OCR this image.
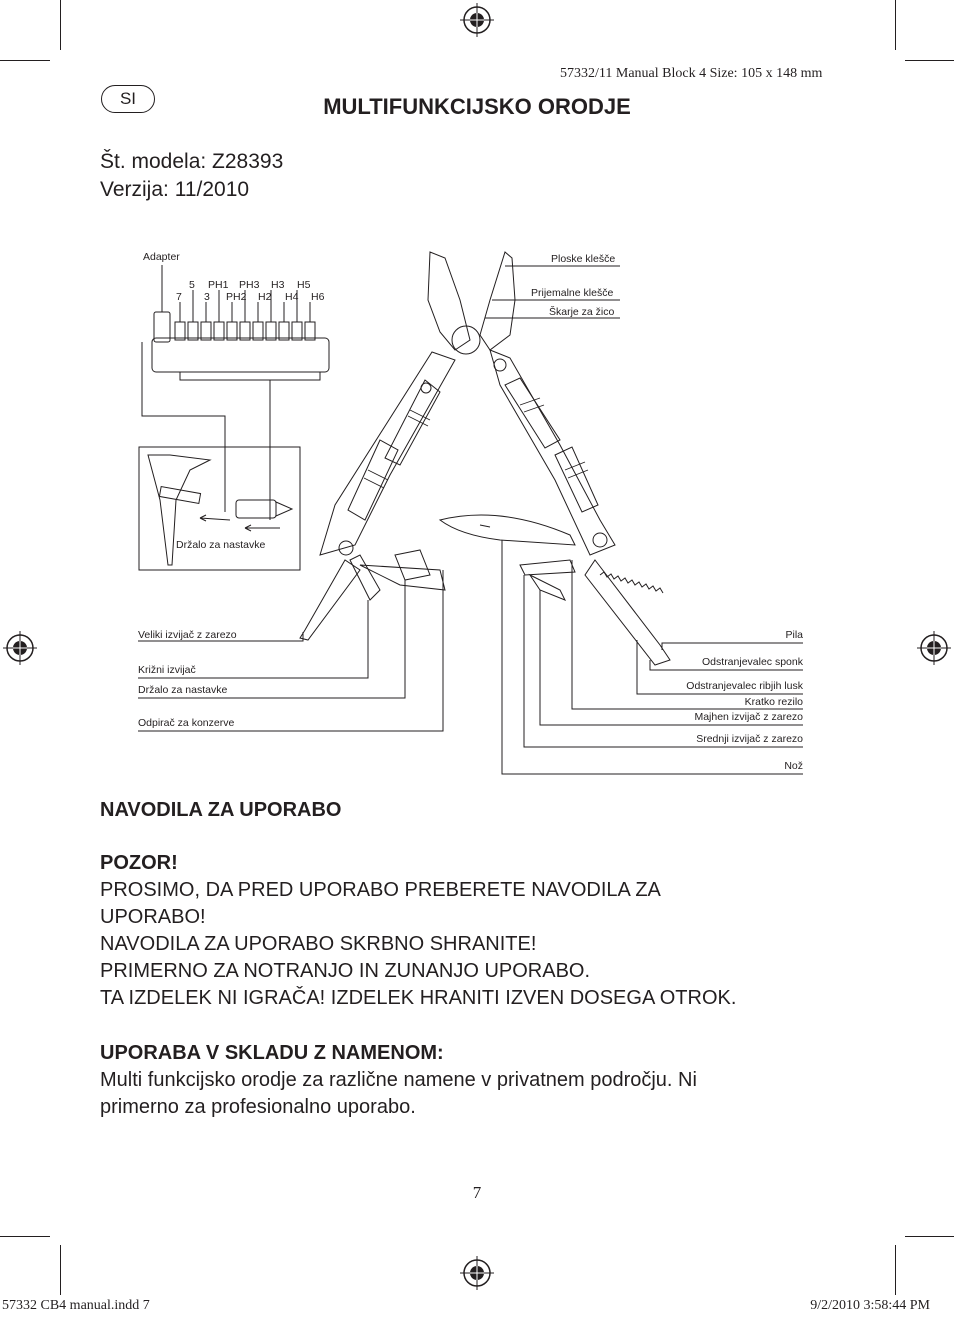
57332/11 Manual Block 4 Size: 105 x 148 mm
SI	MULTIFUNKCIJSKO ORODJE
Št. modela: Z28393
Verzija: 11/2010
Adapter
5 PH1 PH3 H3 H5
7 3 PH2 H2 H4 H6
Držalo za nastavke
Ploske klešče
Prijemalne klešče
Škarje za žico
Veliki izvijač z zarezo
Križni izvijač
Držalo za nastavke
Odpirač za konzerve
Pila
Odstranjevalec sponk
Odstranjevalec ribjih lusk
Kratko rezilo
Majhen izvijač z zarezo
Srednji izvijač z zarezo
Nož
NAVODILA ZA UPORABO
POZOR!
PROSIMO, DA PRED UPORABO PREBERETE NAVODILA ZA
UPORABO!
NAVODILA ZA UPORABO SKRBNO SHRANITE!
PRIMERNO ZA NOTRANJO IN ZUNANJO UPORABO.
TA IZDELEK NI IGRAČA! IZDELEK HRANITI IZVEN DOSEGA OTROK.
UPORABA V SKLADU Z NAMENOM:
Multi funkcijsko orodje za različne namene v privatnem področju. Ni
primerno za profesionalno uporabo.
7
57332 CB4 manual.indd 7	9/2/2010 3:58:44 PM
